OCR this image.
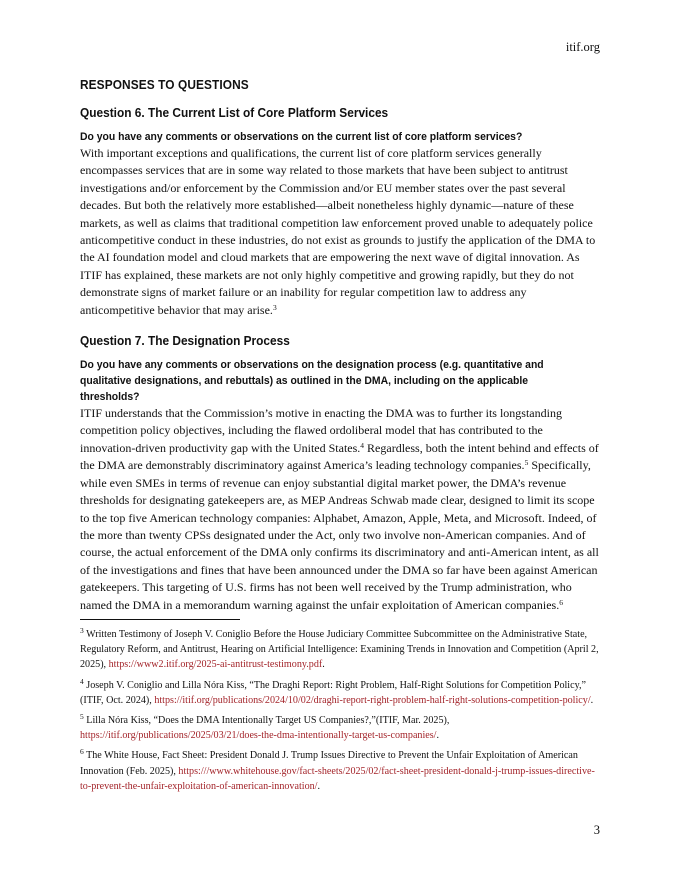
itif.org
RESPONSES TO QUESTIONS
Question 6. The Current List of Core Platform Services
Do you have any comments or observations on the current list of core platform services?

With important exceptions and qualifications, the current list of core platform services generally encompasses services that are in some way related to those markets that have been subject to antitrust investigations and/or enforcement by the Commission and/or EU member states over the past several decades. But both the relatively more established—albeit nonetheless highly dynamic—nature of these markets, as well as claims that traditional competition law enforcement proved unable to adequately police anticompetitive conduct in these industries, do not exist as grounds to justify the application of the DMA to the AI foundation model and cloud markets that are empowering the next wave of digital innovation. As ITIF has explained, these markets are not only highly competitive and growing rapidly, but they do not demonstrate signs of market failure or an inability for regular competition law to address any anticompetitive behavior that may arise.$^3$

Question 7. The Designation Process
Do you have any comments or observations on the designation process (e.g. quantitative and qualitative designations, and rebuttals) as outlined in the DMA, including on the applicable thresholds?

ITIF understands that the Commission’s motive in enacting the DMA was to further its longstanding competition policy objectives, including the flawed ordoliberal model that has contributed to the innovation-driven productivity gap with the United States.$^4$ Regardless, both the intent behind and effects of the DMA are demonstrably discriminatory against America’s leading technology companies.$^5$ Specifically, while even SMEs in terms of revenue can enjoy substantial digital market power, the DMA’s revenue thresholds for designating gatekeepers are, as MEP Andreas Schwab made clear, designed to limit its scope to the top five American technology companies: Alphabet, Amazon, Apple, Meta, and Microsoft. Indeed, of the more than twenty CPSs designated under the Act, only two involve non-American companies. And of course, the actual enforcement of the DMA only confirms its discriminatory and anti-American intent, as all of the investigations and fines that have been announced under the DMA so far have been against American gatekeepers. This targeting of U.S. firms has not been well received by the Trump administration, who named the DMA in a memorandum warning against the unfair exploitation of American companies.$^6$

$^3$ Written Testimony of Joseph V. Coniglio Before the House Judiciary Committee Subcommittee on the Administrative State, Regulatory Reform, and Antitrust, Hearing on Artificial Intelligence: Examining Trends in Innovation and Competition (April 2, 2025), https://www2.itif.org/2025-ai-antitrust-testimony.pdf.

$^4$ Joseph V. Coniglio and Lilla Nóra Kiss, “The Draghi Report: Right Problem, Half-Right Solutions for Competition Policy,” (ITIF, Oct. 2024), https://itif.org/publications/2024/10/02/draghi-report-right-problem-half-right-solutions-competition-policy/.

$^5$ Lilla Nóra Kiss, “Does the DMA Intentionally Target US Companies?,”(ITIF, Mar. 2025),
https://itif.org/publications/2025/03/21/does-the-dma-intentionally-target-us-companies/.

$^6$ The White House, Fact Sheet: President Donald J. Trump Issues Directive to Prevent the Unfair Exploitation of American Innovation (Feb. 2025), https:///www.whitehouse.gov/fact-sheets/2025/02/fact-sheet-president-donald-j-trump-issues-directive-to-prevent-the-unfair-exploitation-of-american-innovation/.

3
